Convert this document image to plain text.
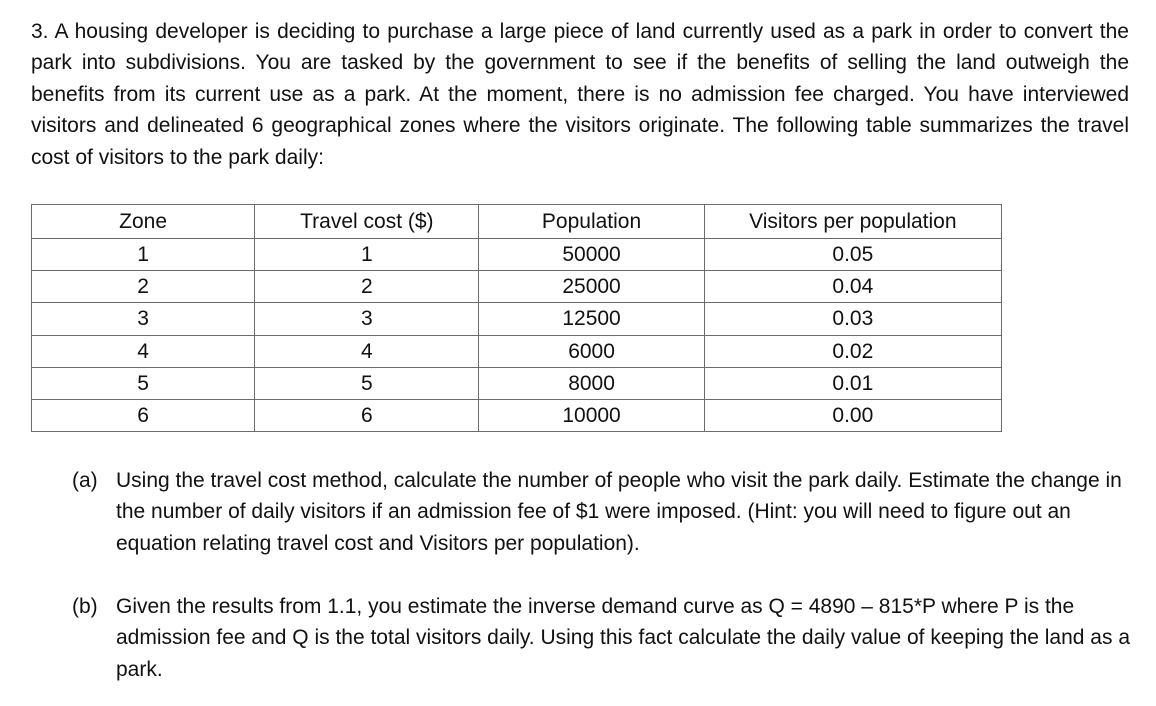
3. A housing developer is deciding to purchase a large piece of land currently used as a park in order to convert the park into subdivisions. You are tasked by the government to see if the benefits of selling the land outweigh the benefits from its current use as a park. At the moment, there is no admission fee charged. You have interviewed visitors and delineated 6 geographical zones where the visitors originate. The following table summarizes the travel cost of visitors to the park daily:

Zone	Travel cost ($)	Population	Visitors per population
1	1	50000	0.05
2	2	25000	0.04
3	3	12500	0.03
4	4	6000	0.02
5	5	8000	0.01
6	6	10000	0.00
(a) Using the travel cost method, calculate the number of people who visit the park daily. Estimate the change in the number of daily visitors if an admission fee of $1 were imposed. (Hint: you will need to figure out an equation relating travel cost and Visitors per population).
(b) Given the results from 1.1, you estimate the inverse demand curve as Q = 4890 – 815*P where P is the admission fee and Q is the total visitors daily. Using this fact calculate the daily value of keeping the land as a park.
